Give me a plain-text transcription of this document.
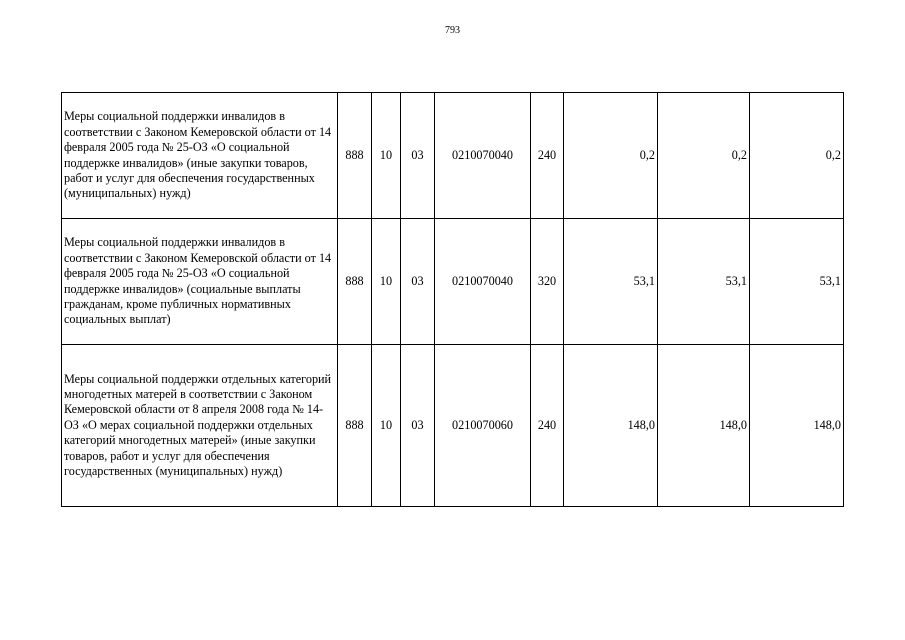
793
Меры социальной поддержки инвалидов в соответствии с Законом Кемеровской области от 14 февраля 2005 года № 25-ОЗ «О социальной поддержке инвалидов» (иные закупки товаров, работ и услуг для обеспечения государственных (муниципальных) нужд)	888	10	03	0210070040	240	0,2	0,2	0,2
Меры социальной поддержки инвалидов в соответствии с Законом Кемеровской области от 14 февраля 2005 года № 25-ОЗ «О социальной поддержке инвалидов» (социальные выплаты гражданам, кроме публичных нормативных социальных выплат)	888	10	03	0210070040	320	53,1	53,1	53,1
Меры социальной поддержки отдельных категорий многодетных матерей в соответствии с Законом Кемеровской области от 8 апреля 2008 года № 14-ОЗ «О мерах социальной поддержки отдельных категорий многодетных матерей» (иные закупки товаров, работ и услуг для обеспечения государственных (муниципальных) нужд)	888	10	03	0210070060	240	148,0	148,0	148,0
